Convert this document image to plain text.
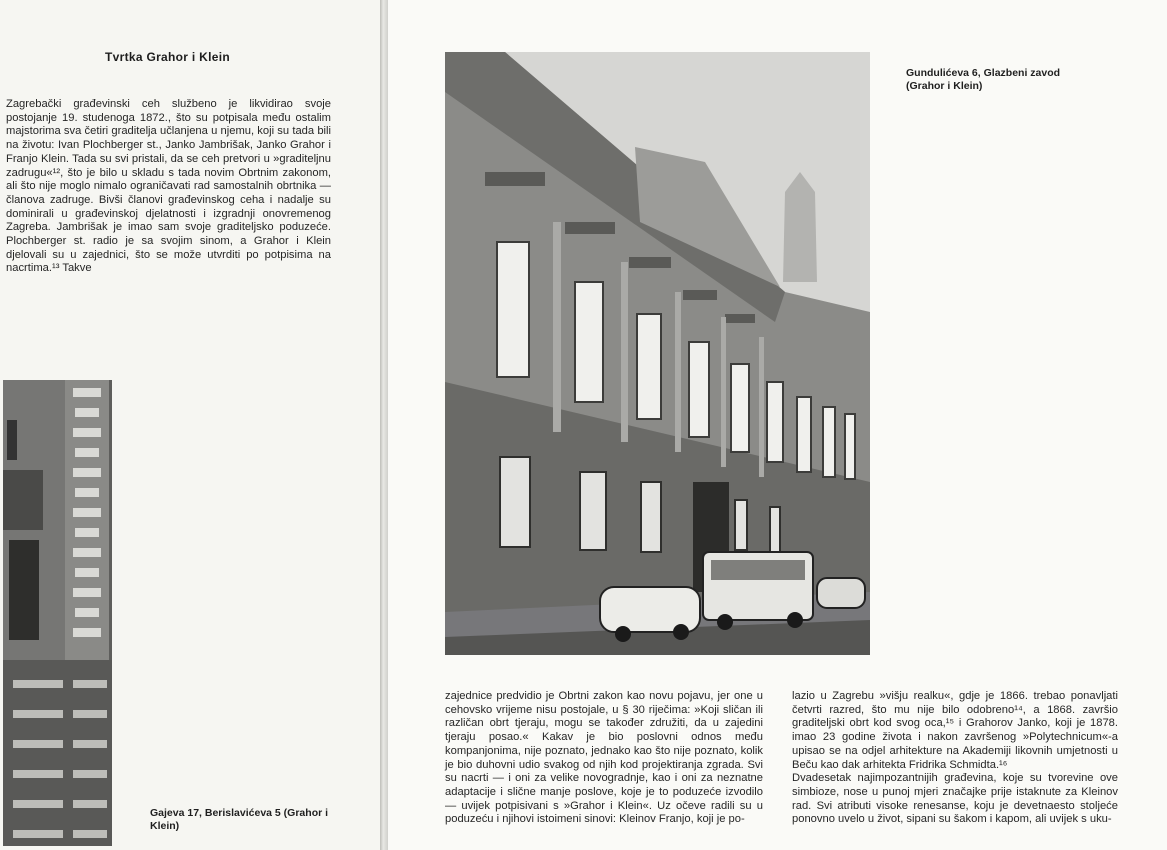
Tvrtka Grahor i Klein

Zagrebački građevinski ceh službeno je likvidirao svoje postojanje 19. studenoga 1872., što su potpisala među ostalim majstorima sva četiri graditelja učlanjena u njemu, koji su tada bili na životu: Ivan Plochberger st., Janko Jambrišak, Janko Grahor i Franjo Klein. Tada su svi pristali, da se ceh pretvori u »graditeljnu zadrugu«¹², što je bilo u skladu s tada novim Obrtnim zakonom, ali što nije moglo nimalo ograničavati rad samostalnih obrtnika — članova zadruge. Bivši članovi građevinskog ceha i nadalje su dominirali u građevinskoj djelatnosti i izgradnji onovremenog Zagreba. Jambrišak je imao sam svoje graditeljsko poduzeće. Plochberger st. radio je sa svojim sinom, a Grahor i Klein djelovali su u zajednici, što se može utvrditi po potpisima na nacrtima.¹³ Takve

Gajeva 17, Berislavićeva 5 (Grahor i Klein)
Gundulićeva 6, Glazbeni zavod (Grahor i Klein)

zajednice predvidio je Obrtni zakon kao novu pojavu, jer one u cehovsko vrijeme nisu postojale, u § 30 riječima: »Koji sličan ili različan obrt tjeraju, mogu se također združiti, da u zajedini tjeraju posao.« Kakav je bio poslovni odnos među kompanjonima, nije poznato, jednako kao što nije poznato, kolik je bio duhovni udio svakog od njih kod projektiranja zgrada. Svi su nacrti — i oni za velike novogradnje, kao i oni za neznatne adaptacije i slične manje poslove, koje je to poduzeće izvodilo — uvijek potpisivani s »Grahor i Klein«. Uz očeve radili su u poduzeću i njihovi istoimeni sinovi: Kleinov Franjo, koji je po-

lazio u Zagrebu »višju realku«, gdje je 1866. trebao ponavljati četvrti razred, što mu nije bilo odobreno¹⁴, a 1868. završio graditeljski obrt kod svog oca,¹⁵ i Grahorov Janko, koji je 1878. imao 23 godine života i nakon završenog »Polytechnicum«-a upisao se na odjel arhitekture na Akademiji likovnih umjetnosti u Beču kao dak arhitekta Fridrika Schmidta.¹⁶
Dvadesetak najimpozantnijih građevina, koje su tvorevine ove simbioze, nose u punoj mjeri značajke prije istaknute za Kleinov rad. Svi atributi visoke renesanse, koju je devetnaesto stoljeće ponovno uvelo u život, sipani su šakom i kapom, ali uvijek s uku-
